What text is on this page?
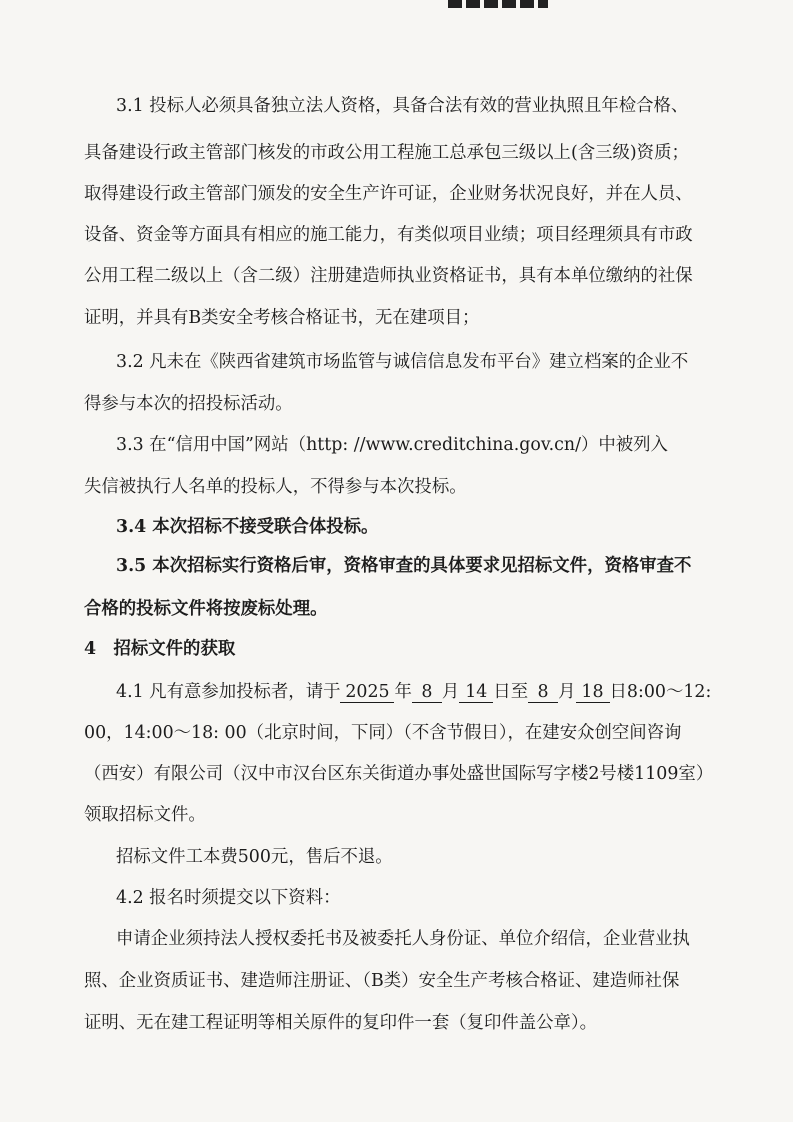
3.1 投标人必须具备独立法人资格，具备合法有效的营业执照且年检合格、
具备建设行政主管部门核发的市政公用工程施工总承包三级以上(含三级)资质；
取得建设行政主管部门颁发的安全生产许可证，企业财务状况良好，并在人员、
设备、资金等方面具有相应的施工能力，有类似项目业绩；项目经理须具有市政
公用工程二级以上（含二级）注册建造师执业资格证书，具有本单位缴纳的社保
证明，并具有B类安全考核合格证书，无在建项目；
3.2 凡未在《陕西省建筑市场监管与诚信信息发布平台》建立档案的企业不
得参与本次的招投标活动。
3.3 在“信用中国”网站（http: //www.creditchina.gov.cn/）中被列入
失信被执行人名单的投标人，不得参与本次投标。
3.4 本次招标不接受联合体投标。
3.5 本次招标实行资格后审，资格审查的具体要求见招标文件，资格审查不
合格的投标文件将按废标处理。
4　招标文件的获取
4.1 凡有意参加投标者，请于 2025 年 8 月 14 日至 8 月 18 日8:00～12:
00，14:00～18: 00（北京时间，下同）（不含节假日），在建安众创空间咨询
（西安）有限公司（汉中市汉台区东关街道办事处盛世国际写字楼2号楼1109室）
领取招标文件。
招标文件工本费500元，售后不退。
4.2 报名时须提交以下资料：
申请企业须持法人授权委托书及被委托人身份证、单位介绍信，企业营业执
照、企业资质证书、建造师注册证、（B类）安全生产考核合格证、建造师社保
证明、无在建工程证明等相关原件的复印件一套（复印件盖公章）。
